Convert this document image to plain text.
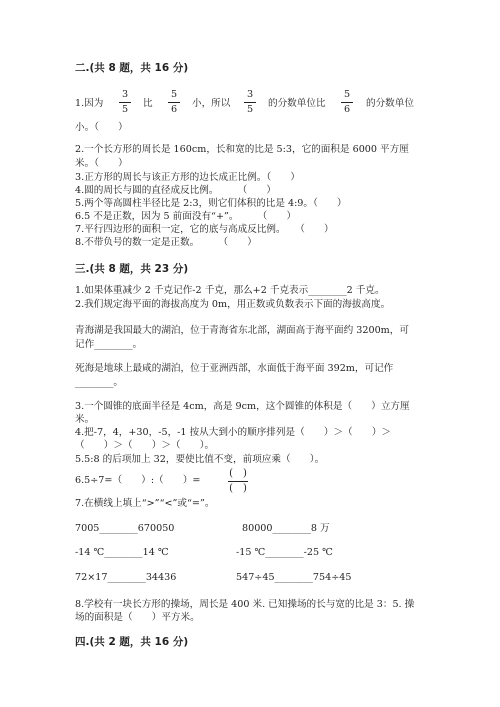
二.(共 8 题，共 16 分)
1.因为
3
5
比
5
6
小，所以
3
5
的分数单位比
5
6
的分数单位
小。（　　）
2.一个长方形的周长是 160cm，长和宽的比是 5:3，它的面积是 6000 平方厘
米。（　　）
3.正方形的周长与该正方形的边长成正比例。（　　）
4.圆的周长与圆的直径成反比例。　　　（　　）
5.两个等高圆柱半径比是 2:3，则它们体积的比是 4:9。（　　）
6.5 不是正数，因为 5 前面没有“+”。　　　（　　）
7.平行四边形的面积一定，它的底与高成反比例。　　（　　）
8.不带负号的数一定是正数。　　　（　　）
三.(共 8 题，共 23 分)
1.如果体重减少 2 千克记作-2 千克，那么+2 千克表示________2 千克。
2.我们规定海平面的海拔高度为 0m，用正数或负数表示下面的海拔高度。
青海湖是我国最大的湖泊，位于青海省东北部，湖面高于海平面约 3200m，可
记作________。
死海是地球上最咸的湖泊，位于亚洲西部，水面低于海平面 392m，可记作
________。
3.一个圆锥的底面半径是 4cm，高是 9cm，这个圆锥的体积是（　　）立方厘
米。
4.把-7，4，+30，-5，-1 按从大到小的顺序排列是（　　）＞（　　）＞
（　　）＞（　　）＞（　　）。
5.5:8 的后项加上 32，要使比值不变，前项应乘（　　）。
6.5÷7=（　　）:（　　）=
(　)
(　)
7.在横线上填上“>”“<”或“=”。
7005________670050	80000________8 万
-14 ℃________14 ℃	-15 ℃________-25 ℃
72×17________34436	547÷45________754÷45
8.学校有一块长方形的操场，周长是 400 米. 已知操场的长与宽的比是 3：5. 操
场的面积是（　　）平方米。
四.(共 2 题，共 16 分)
